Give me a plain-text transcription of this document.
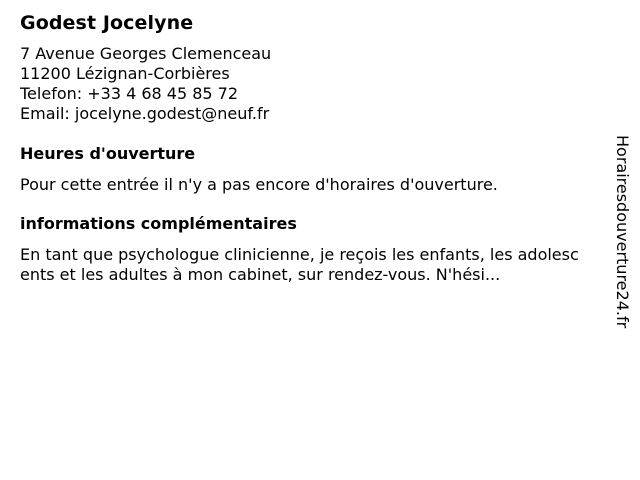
Godest Jocelyne
7 Avenue Georges Clemenceau
11200 Lézignan-Corbières
Telefon: +33 4 68 45 85 72
Email: jocelyne.godest@neuf.fr
Heures d'ouverture
Pour cette entrée il n'y a pas encore d'horaires d'ouverture.
informations complémentaires
En tant que psychologue clinicienne, je reçois les enfants, les adolescents et les adultes à mon cabinet, sur rendez-vous. N'hési...	Horairesdouverture24.fr
